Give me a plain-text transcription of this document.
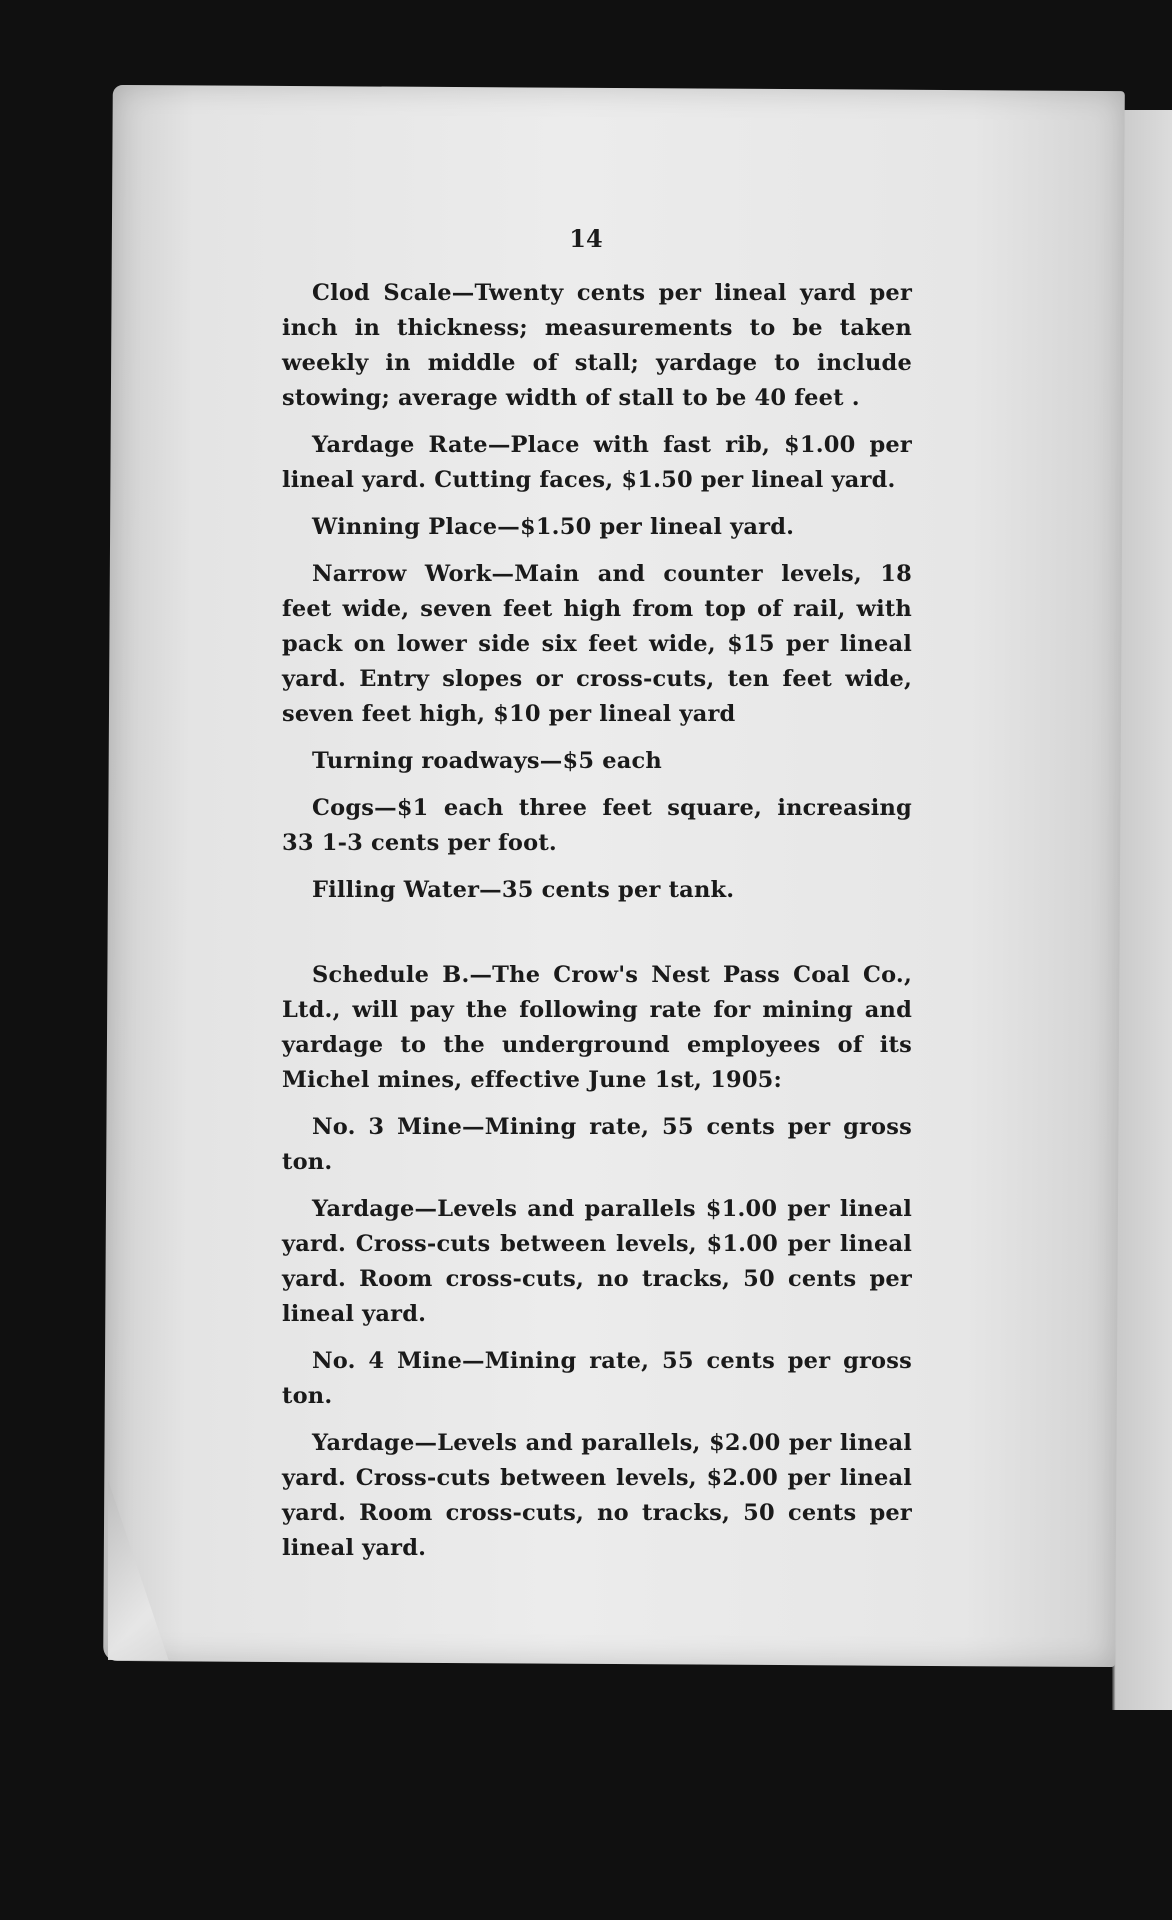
14

Clod Scale—Twenty cents per lineal yard per inch in thickness; measurements to be taken weekly in middle of stall; yardage to include stowing; average width of stall to be 40 feet .

Yardage Rate—Place with fast rib, $1.00 per lineal yard. Cutting faces, $1.50 per lineal yard.

Winning Place—$1.50 per lineal yard.

Narrow Work—Main and counter levels, 18 feet wide, seven feet high from top of rail, with pack on lower side six feet wide, $15 per lineal yard. Entry slopes or cross-cuts, ten feet wide, seven feet high, $10 per lineal yard

Turning roadways—$5 each

Cogs—$1 each three feet square, increasing 33 1-3 cents per foot.

Filling Water—35 cents per tank.

Schedule B.—The Crow's Nest Pass Coal Co., Ltd., will pay the following rate for mining and yardage to the underground employees of its Michel mines, effective June 1st, 1905:

No. 3 Mine—Mining rate, 55 cents per gross ton.

Yardage—Levels and parallels $1.00 per lineal yard. Cross-cuts between levels, $1.00 per lineal yard. Room cross-cuts, no tracks, 50 cents per lineal yard.

No. 4 Mine—Mining rate, 55 cents per gross ton.

Yardage—Levels and parallels, $2.00 per lineal yard. Cross-cuts between levels, $2.00 per lineal yard. Room cross-cuts, no tracks, 50 cents per lineal yard.
